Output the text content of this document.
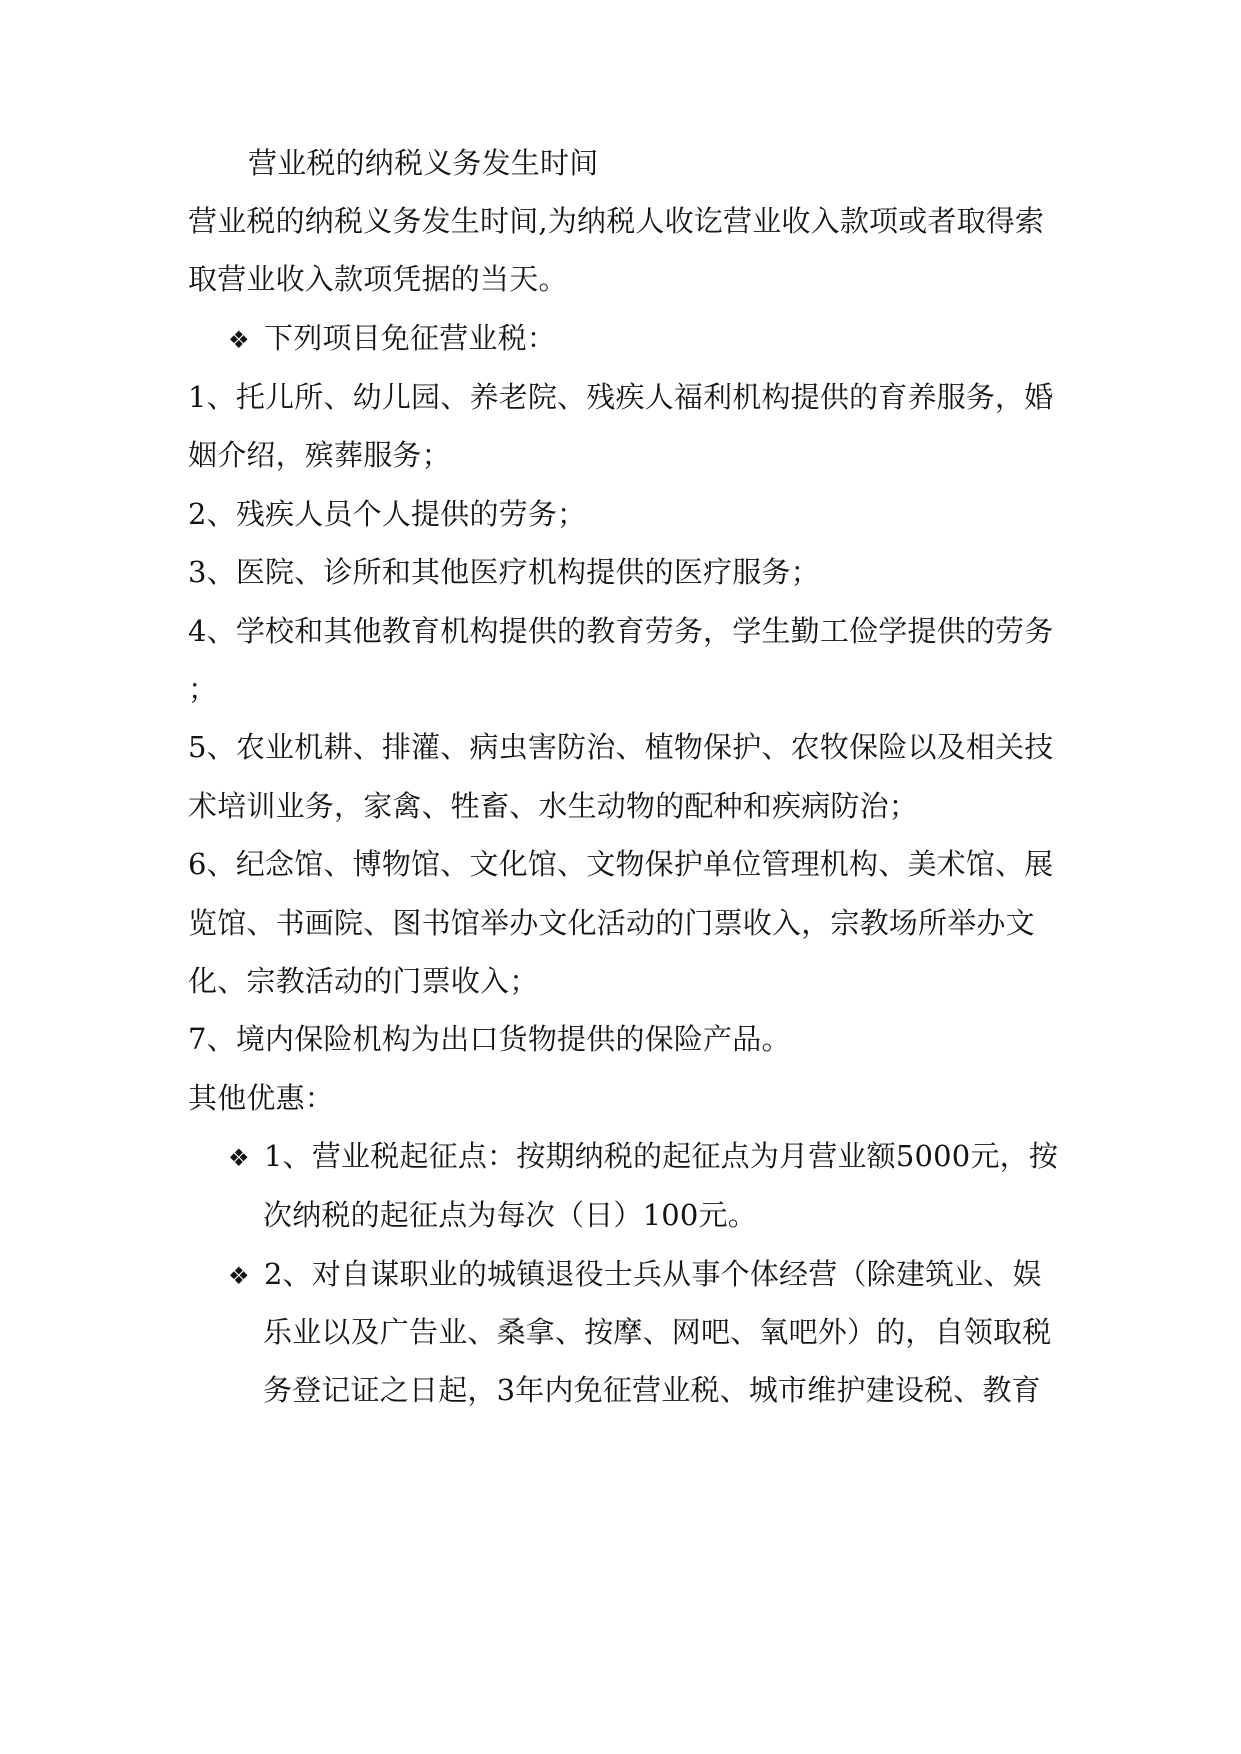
营业税的纳税义务发生时间
营业税的纳税义务发生时间,为纳税人收讫营业收入款项或者取得索
取营业收入款项凭据的当天。
❖ 下列项目免征营业税：
1、托儿所、幼儿园、养老院、残疾人福利机构提供的育养服务，婚
姻介绍，殡葬服务；
2、残疾人员个人提供的劳务；
3、医院、诊所和其他医疗机构提供的医疗服务；
4、学校和其他教育机构提供的教育劳务，学生勤工俭学提供的劳务
；
5、农业机耕、排灌、病虫害防治、植物保护、农牧保险以及相关技
术培训业务，家禽、牲畜、水生动物的配种和疾病防治；
6、纪念馆、博物馆、文化馆、文物保护单位管理机构、美术馆、展
览馆、书画院、图书馆举办文化活动的门票收入，宗教场所举办文
化、宗教活动的门票收入；
7、境内保险机构为出口货物提供的保险产品。
其他优惠：
❖ 1、营业税起征点：按期纳税的起征点为月营业额5000元，按
次纳税的起征点为每次（日）100元。
❖ 2、对自谋职业的城镇退役士兵从事个体经营（除建筑业、娱
乐业以及广告业、桑拿、按摩、网吧、氧吧外）的，自领取税
务登记证之日起，3年内免征营业税、城市维护建设税、教育
